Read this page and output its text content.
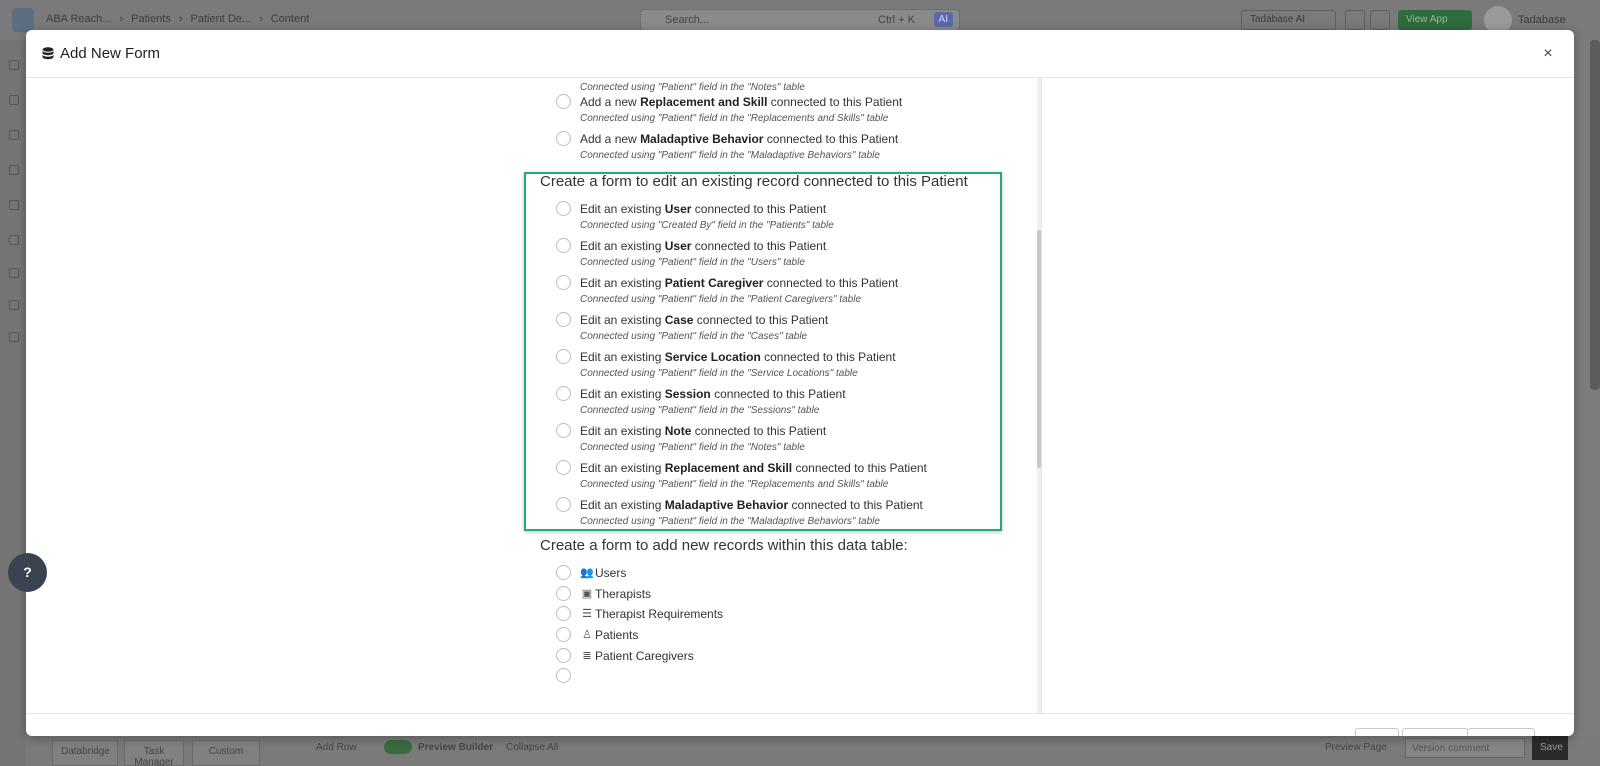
ABA Reach... › Patients › Patient De... › Content	Search...	Ctrl + K	AI	Tadabase AI	View App	Tadabase
Databridge	Task Manager
Custom	Add Row	Preview Builder Collapse All	Preview Page	Version comment	Save
Add New Form	×
Connected using "Patient" field in the "Notes" table
Add a new Replacement and Skill connected to this Patient
Connected using "Patient" field in the "Replacements and Skills" table
Add a new Maladaptive Behavior connected to this Patient
Connected using "Patient" field in the "Maladaptive Behaviors" table
Create a form to edit an existing record connected to this Patient
Edit an existing User connected to this Patient
Connected using "Created By" field in the "Patients" table
Edit an existing User connected to this Patient
Connected using "Patient" field in the "Users" table
Edit an existing Patient Caregiver connected to this Patient
Connected using "Patient" field in the "Patient Caregivers" table
Edit an existing Case connected to this Patient
Connected using "Patient" field in the "Cases" table
Edit an existing Service Location connected to this Patient
Connected using "Patient" field in the "Service Locations" table
Edit an existing Session connected to this Patient
Connected using "Patient" field in the "Sessions" table
Edit an existing Note connected to this Patient
Connected using "Patient" field in the "Notes" table
Edit an existing Replacement and Skill connected to this Patient
Connected using "Patient" field in the "Replacements and Skills" table
Edit an existing Maladaptive Behavior connected to this Patient
Connected using "Patient" field in the "Maladaptive Behaviors" table
Create a form to add new records within this data table:
👥 Users
▣ Therapists
☰ Therapist Requirements
♙ Patients
≣ Patient Caregivers
?
